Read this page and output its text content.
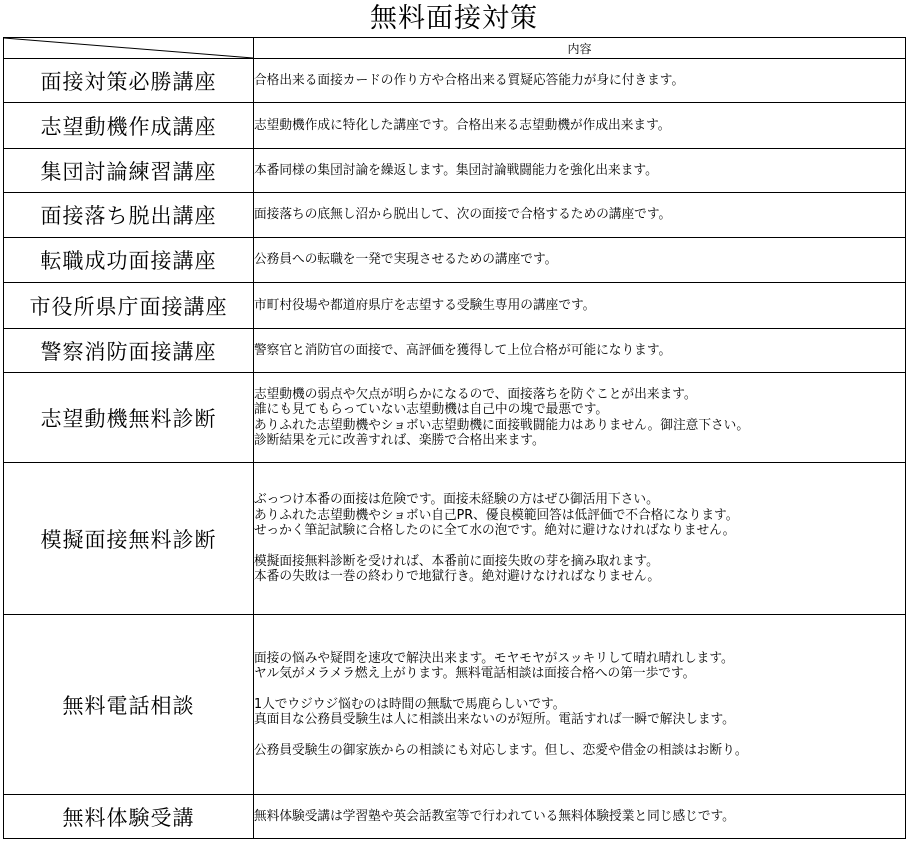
無料面接対策
	内容
面接対策必勝講座	合格出来る面接カードの作り方や合格出来る質疑応答能力が身に付きます。

志望動機作成講座	志望動機作成に特化した講座です。合格出来る志望動機が作成出来ます。

集団討論練習講座	本番同様の集団討論を繰返します。集団討論戦闘能力を強化出来ます。

面接落ち脱出講座	面接落ちの底無し沼から脱出して、次の面接で合格するための講座です。

転職成功面接講座	公務員への転職を一発で実現させるための講座です。

市役所県庁面接講座	市町村役場や都道府県庁を志望する受験生専用の講座です。

警察消防面接講座	警察官と消防官の面接で、高評価を獲得して上位合格が可能になります。

志望動機無料診断	志望動機の弱点や欠点が明らかになるので、面接落ちを防ぐことが出来ます。
誰にも見てもらっていない志望動機は自己中の塊で最悪です。
ありふれた志望動機やショボい志望動機に面接戦闘能力はありません。御注意下さい。
診断結果を元に改善すれば、楽勝で合格出来ます。

模擬面接無料診断	ぶっつけ本番の面接は危険です。面接未経験の方はぜひ御活用下さい。
ありふれた志望動機やショボい自己PR、優良模範回答は低評価で不合格になります。
せっかく筆記試験に合格したのに全て水の泡です。絶対に避けなければなりません。
模擬面接無料診断を受ければ、本番前に面接失敗の芽を摘み取れます。
本番の失敗は一巻の終わりで地獄行き。絶対避けなければなりません。

無料電話相談	面接の悩みや疑問を速攻で解決出来ます。モヤモヤがスッキリして晴れ晴れします。
ヤル気がメラメラ燃え上がります。無料電話相談は面接合格への第一歩です。
1人でウジウジ悩むのは時間の無駄で馬鹿らしいです。
真面目な公務員受験生は人に相談出来ないのが短所。電話すれば一瞬で解決します。
公務員受験生の御家族からの相談にも対応します。但し、恋愛や借金の相談はお断り。

無料体験受講	無料体験受講は学習塾や英会話教室等で行われている無料体験授業と同じ感じです。
